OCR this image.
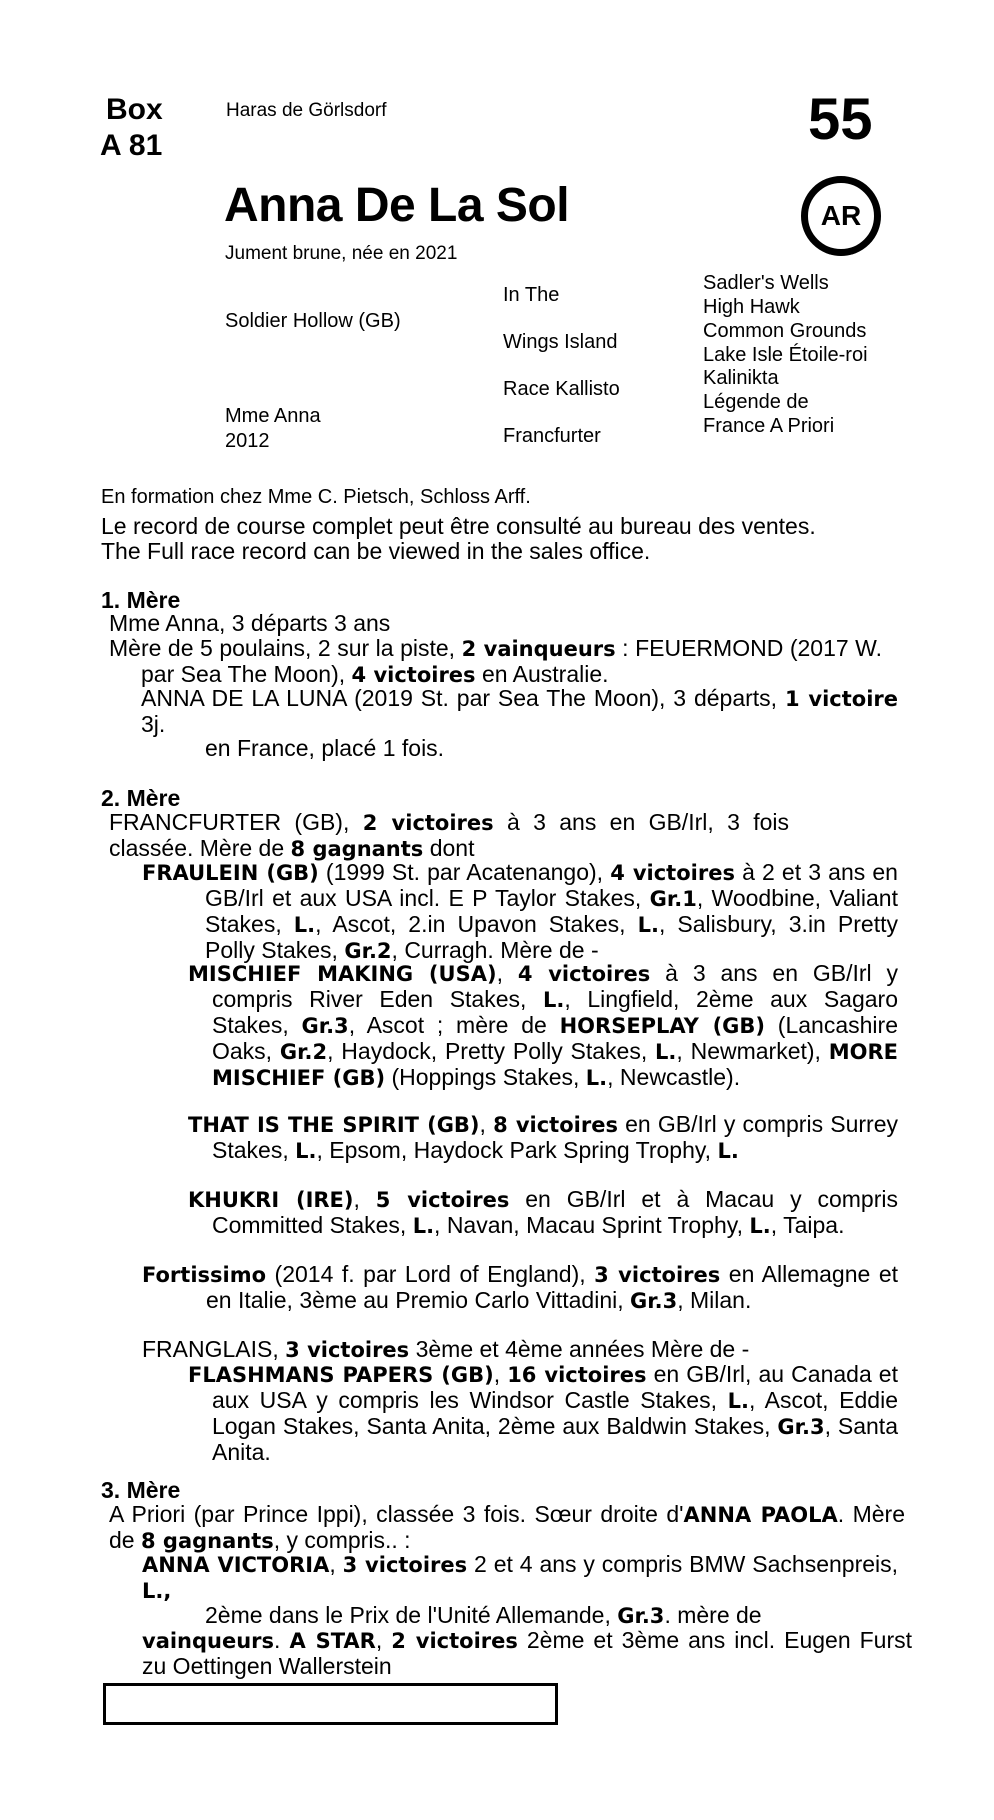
Box
A 81
Haras de Görlsdorf	55
Anna De La Sol	AR
Jument brune, née en 2021
Soldier Hollow (GB)
Mme Anna
2012
In The
Wings Island
Race Kallisto
Francfurter
Sadler's Wells
High Hawk
Common Grounds
Lake Isle Étoile-roi
Kalinikta
Légende de
France A Priori
En formation chez Mme C. Pietsch, Schloss Arff.
Le record de course complet peut être consulté au bureau des ventes.
The Full race record can be viewed in the sales office.
1. Mère
Mme Anna, 3 départs 3 ans
Mère de 5 poulains, 2 sur la piste, 2 vainqueurs : FEUERMOND (2017 W. par Sea The Moon), 4 victoires en Australie.
ANNA DE LA LUNA (2019 St. par Sea The Moon), 3 départs, 1 victoire 3j.
en France, placé 1 fois.
2. Mère
FRANCFURTER (GB), 2 victoires à 3 ans en GB/Irl, 3 fois classée. Mère de 8 gagnants dont
FRAULEIN (GB) (1999 St. par Acatenango), 4 victoires à 2 et 3 ans en GB/Irl et aux USA incl. E P Taylor Stakes, Gr.1, Woodbine, Valiant Stakes, L., Ascot, 2.in Upavon Stakes, L., Salisbury, 3.in Pretty Polly Stakes, Gr.2, Curragh. Mère de -
MISCHIEF MAKING (USA), 4 victoires à 3 ans en GB/Irl y compris River Eden Stakes, L., Lingfield, 2ème aux Sagaro Stakes, Gr.3, Ascot ; mère de HORSEPLAY (GB) (Lancashire Oaks, Gr.2, Haydock, Pretty Polly Stakes, L., Newmarket), MORE MISCHIEF (GB) (Hoppings Stakes, L., Newcastle).
THAT IS THE SPIRIT (GB), 8 victoires en GB/Irl y compris Surrey Stakes, L., Epsom, Haydock Park Spring Trophy, L.
KHUKRI (IRE), 5 victoires en GB/Irl et à Macau y compris Committed Stakes, L., Navan, Macau Sprint Trophy, L., Taipa.
Fortissimo (2014 f. par Lord of England), 3 victoires en Allemagne et en Italie, 3ème au Premio Carlo Vittadini, Gr.3, Milan.
FRANGLAIS, 3 victoires 3ème et 4ème années Mère de -
FLASHMANS PAPERS (GB), 16 victoires en GB/Irl, au Canada et aux USA y compris les Windsor Castle Stakes, L., Ascot, Eddie Logan Stakes, Santa Anita, 2ème aux Baldwin Stakes, Gr.3, Santa Anita.
3. Mère
A Priori (par Prince Ippi), classée 3 fois. Sœur droite d'ANNA PAOLA. Mère de 8 gagnants, y compris.. :
ANNA VICTORIA, 3 victoires 2 et 4 ans y compris BMW Sachsenpreis, L.,
2ème dans le Prix de l'Unité Allemande, Gr.3. mère de
vainqueurs. A STAR, 2 victoires 2ème et 3ème ans incl. Eugen Furst zu Oettingen Wallerstein
